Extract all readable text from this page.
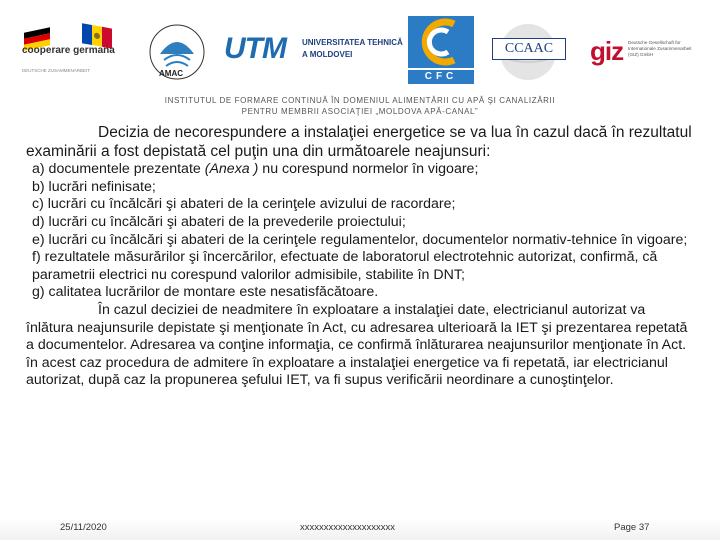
cooperare germana
DEUTSCHE ZUSAMMENARBEIT	AMAC
UTM UNIVERSITATEA TEHNICĂ
A MOLDOVEI
CFC
CCAAC	giz Deutsche Gesellschaft für Internationale Zusammenarbeit (GIZ) GmbH
INSTITUTUL DE FORMARE CONTINUĂ ÎN DOMENIUL ALIMENTĂRII CU APĂ ŞI CANALIZĂRII
PENTRU MEMBRII ASOCIAŢIEI „MOLDOVA APĂ-CANAL”

Decizia de necorespundere a instalaţiei energetice se va lua în cazul dacă în rezultatul examinării a fost depistată cel puţin una din următoarele neajunsuri:

a) documentele prezentate (Anexa ) nu corespund normelor în vigoare;

b) lucrări nefinisate;

c) lucrări cu încălcări şi abateri de la cerinţele avizului de racordare;

d) lucrări cu încălcări şi abateri de la prevederile proiectului;

e) lucrări cu încălcări şi abateri de la cerinţele regulamentelor, documentelor normativ-tehnice în vigoare;

f) rezultatele măsurărilor şi încercărilor, efectuate de laboratorul electrotehnic autorizat, confirmă, că parametrii electrici nu corespund valorilor admisibile, stabilite în DNT;

g) calitatea lucrărilor de montare este nesatisfăcătoare.

În cazul deciziei de neadmitere în exploatare a instalaţiei date, electricianul autorizat va înlătura neajunsurile depistate şi menţionate în Act, cu adresarea ulterioară la IET şi prezentarea repetată a documentelor. Adresarea va conţine informaţia, ce confirmă înlăturarea neajunsurilor menţionate în Act. în acest caz procedura de admitere în exploatare a instalaţiei energetice va fi repetată, iar electricianul autorizat, după caz la propunerea şefului IET, va fi supus verificării neordinare a cunoştinţelor.

25/11/2020	xxxxxxxxxxxxxxxxxxxx	Page 37
